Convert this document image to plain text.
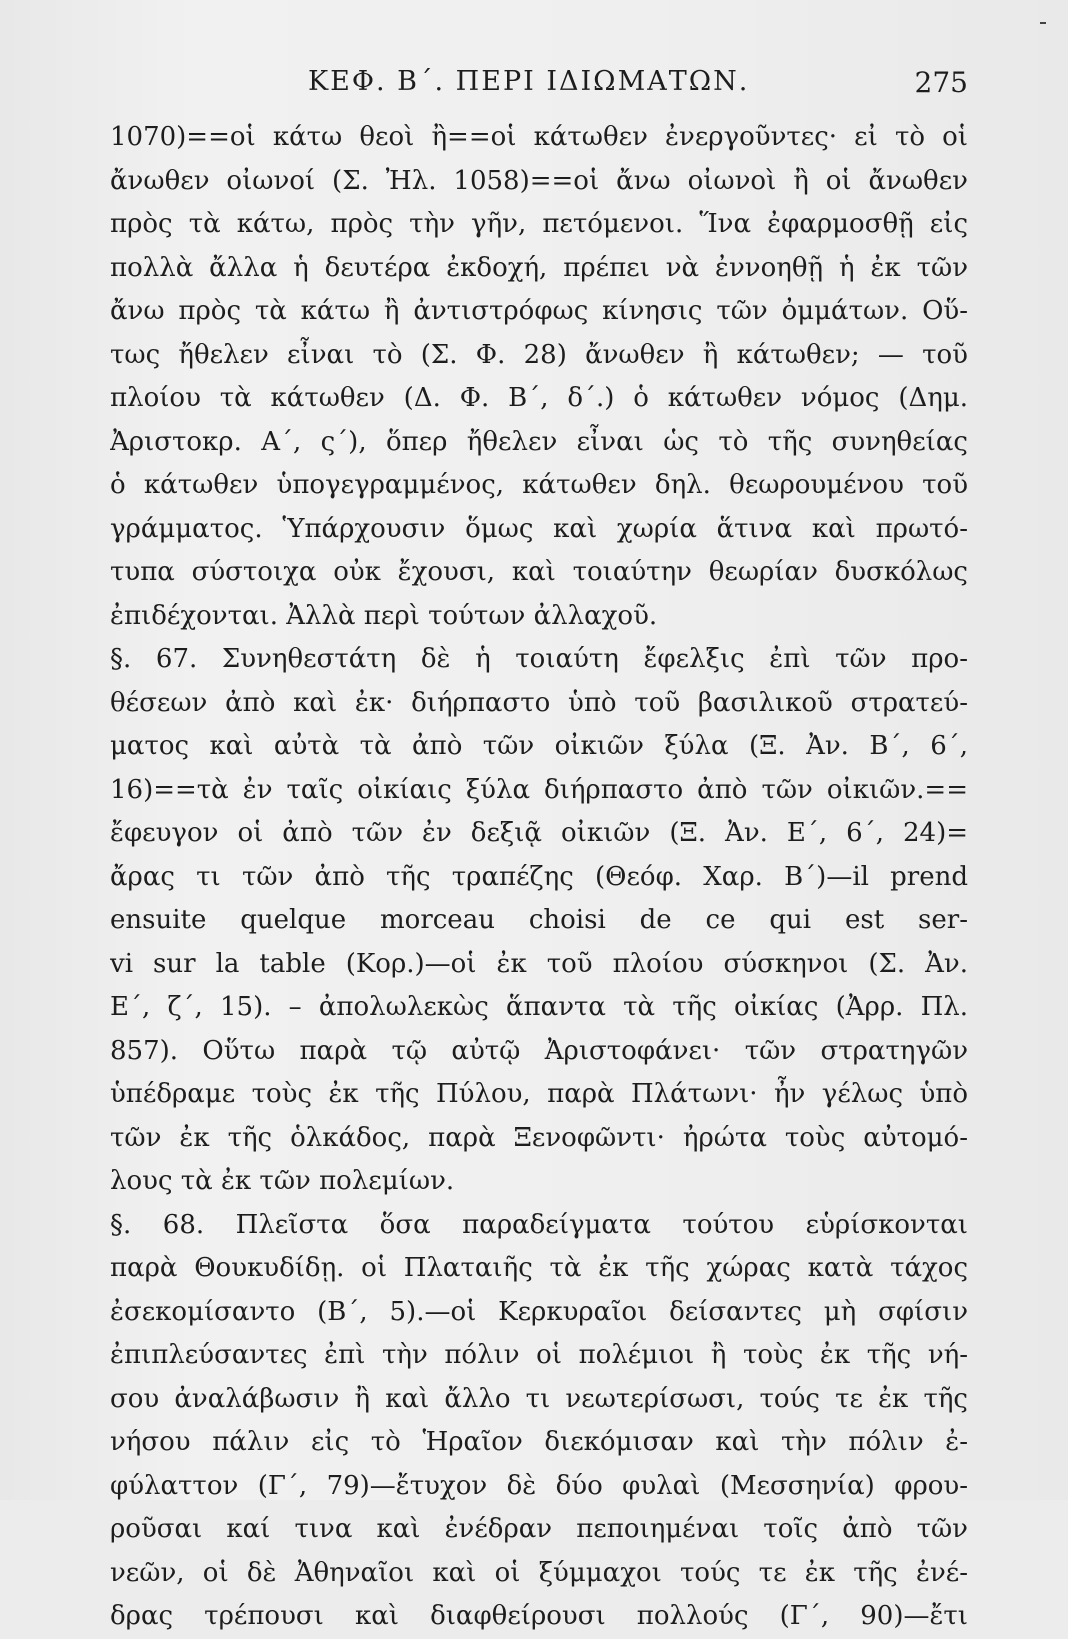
ΚΕΦ. Β΄. ΠΕΡΙ ΙΔΙΩΜΑΤΩΝ.	275
1070)==οἱ κάτω θεοὶ ἢ==οἱ κάτωθεν ἐνεργοῦντες· εἰ τὸ οἱ
ἄνωθεν οἰωνοί (Σ. Ἠλ. 1058)==οἱ ἄνω οἰωνοὶ ἢ οἱ ἄνωθεν
πρὸς τὰ κάτω, πρὸς τὴν γῆν, πετόμενοι. Ἵνα ἐφαρμοσθῇ εἰς
πολλὰ ἄλλα ἡ δευτέρα ἐκδοχή, πρέπει νὰ ἐννοηθῇ ἡ ἐκ τῶν
ἄνω πρὸς τὰ κάτω ἢ ἀντιστρόφως κίνησις τῶν ὀμμάτων. Οὕ-
τως ἤθελεν εἶναι τὸ (Σ. Φ. 28) ἄνωθεν ἢ κάτωθεν; — τοῦ
πλοίου τὰ κάτωθεν (Δ. Φ. Β΄, δ΄.) ὁ κάτωθεν νόμος (Δημ.
Ἀριστοκρ. Α΄, ς΄), ὅπερ ἤθελεν εἶναι ὡς τὸ τῆς συνηθείας
ὁ κάτωθεν ὑπογεγραμμένος, κάτωθεν δηλ. θεωρουμένου τοῦ
γράμματος. Ὑπάρχουσιν ὅμως καὶ χωρία ἅτινα καὶ πρωτό-
τυπα σύστοιχα οὐκ ἔχουσι, καὶ τοιαύτην θεωρίαν δυσκόλως
ἐπιδέχονται. Ἀλλὰ περὶ τούτων ἀλλαχοῦ.
§. 67. Συνηθεστάτη δὲ ἡ τοιαύτη ἔφελξις ἐπὶ τῶν προ-
θέσεων ἀπὸ καὶ ἐκ· διήρπαστο ὑπὸ τοῦ βασιλικοῦ στρατεύ-
ματος καὶ αὐτὰ τὰ ἀπὸ τῶν οἰκιῶν ξύλα (Ξ. Ἀν. Β΄, 6΄,
16)==τὰ ἐν ταῖς οἰκίαις ξύλα διήρπαστο ἀπὸ τῶν οἰκιῶν.==
ἔφευγον οἱ ἀπὸ τῶν ἐν δεξιᾷ οἰκιῶν (Ξ. Ἀν. Ε΄, 6΄, 24)=
ἄρας τι τῶν ἀπὸ τῆς τραπέζης (Θεόφ. Χαρ. Β΄)—il prend
ensuite quelque morceau choisi de ce qui est ser-
vi sur la table (Κορ.)—οἱ ἐκ τοῦ πλοίου σύσκηνοι (Σ. Ἀν.
Ε΄, ζ΄, 15). – ἀπολωλεκὼς ἅπαντα τὰ τῆς οἰκίας (Ἀρρ. Πλ.
857). Οὕτω παρὰ τῷ αὐτῷ Ἀριστοφάνει· τῶν στρατηγῶν
ὑπέδραμε τοὺς ἐκ τῆς Πύλου, παρὰ Πλάτωνι· ἦν γέλως ὑπὸ
τῶν ἐκ τῆς ὁλκάδος, παρὰ Ξενοφῶντι· ἠρώτα τοὺς αὐτομό-
λους τὰ ἐκ τῶν πολεμίων.
§. 68. Πλεῖστα ὅσα παραδείγματα τούτου εὑρίσκονται
παρὰ Θουκυδίδῃ. οἱ Πλαταιῆς τὰ ἐκ τῆς χώρας κατὰ τάχος
ἐσεκομίσαντο (Β΄, 5).—οἱ Κερκυραῖοι δείσαντες μὴ σφίσιν
ἐπιπλεύσαντες ἐπὶ τὴν πόλιν οἱ πολέμιοι ἢ τοὺς ἐκ τῆς νή-
σου ἀναλάβωσιν ἢ καὶ ἄλλο τι νεωτερίσωσι, τούς τε ἐκ τῆς
νήσου πάλιν εἰς τὸ Ἡραῖον διεκόμισαν καὶ τὴν πόλιν ἐ-
φύλαττον (Γ΄, 79)—ἔτυχον δὲ δύο φυλαὶ (Μεσσηνία) φρου-
ροῦσαι καί τινα καὶ ἐνέδραν πεποιημέναι τοῖς ἀπὸ τῶν
νεῶν, οἱ δὲ Ἀθηναῖοι καὶ οἱ ξύμμαχοι τούς τε ἐκ τῆς ἐνέ-
δρας τρέπουσι καὶ διαφθείρουσι πολλούς (Γ΄, 90)—ἔτι
